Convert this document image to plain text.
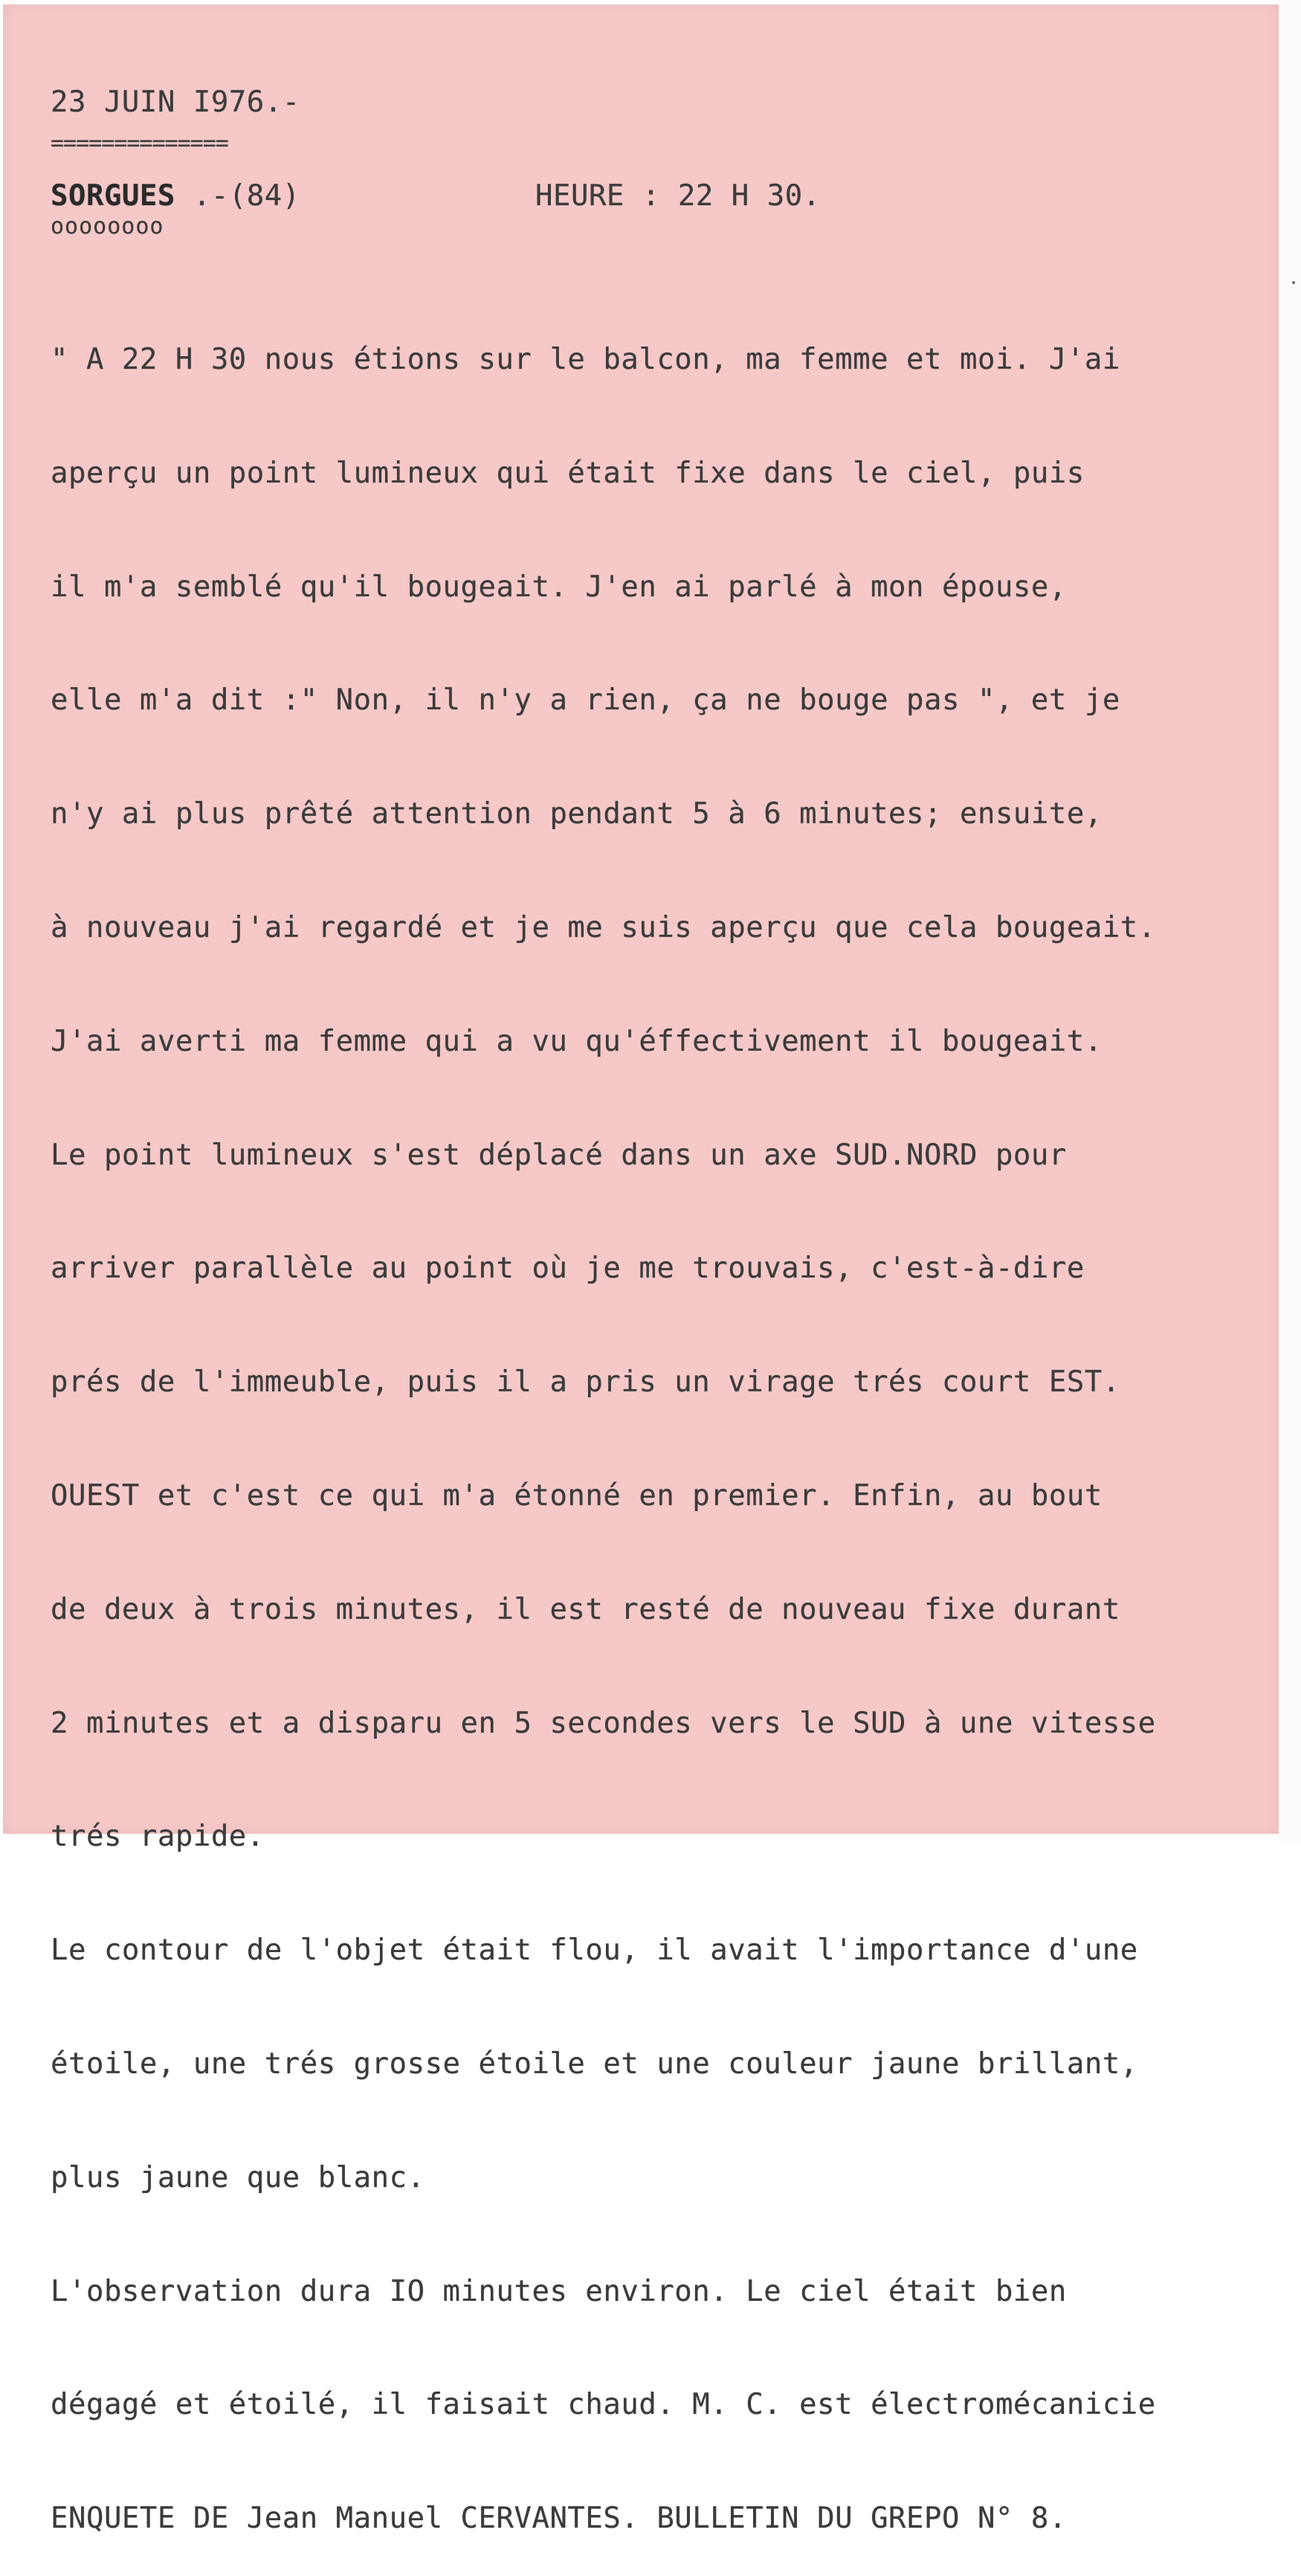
23 JUIN I976.-
==============
SORGUES .-(84)
oooooooo
HEURE : 22 H 30.

" A 22 H 30 nous étions sur le balcon, ma femme et moi. J'ai

aperçu un point lumineux qui était fixe dans le ciel, puis

il m'a semblé qu'il bougeait. J'en ai parlé à mon épouse,

elle m'a dit :" Non, il n'y a rien, ça ne bouge pas ", et je

n'y ai plus prêté attention pendant 5 à 6 minutes; ensuite,

à nouveau j'ai regardé et je me suis aperçu que cela bougeait.

J'ai averti ma femme qui a vu qu'éffectivement il bougeait.

Le point lumineux s'est déplacé dans un axe SUD.NORD pour

arriver parallèle au point où je me trouvais, c'est-à-dire

prés de l'immeuble, puis il a pris un virage trés court EST.

OUEST et c'est ce qui m'a étonné en premier. Enfin, au bout

de deux à trois minutes, il est resté de nouveau fixe durant

2 minutes et a disparu en 5 secondes vers le SUD à une vitesse

trés rapide.

Le contour de l'objet était flou, il avait l'importance d'une

étoile, une trés grosse étoile et une couleur jaune brillant,

plus jaune que blanc.

L'observation dura IO minutes environ. Le ciel était bien

dégagé et étoilé, il faisait chaud. M. C. est électromécanicie

ENQUETE DE Jean Manuel CERVANTES. BULLETIN DU GREPO N° 8.
